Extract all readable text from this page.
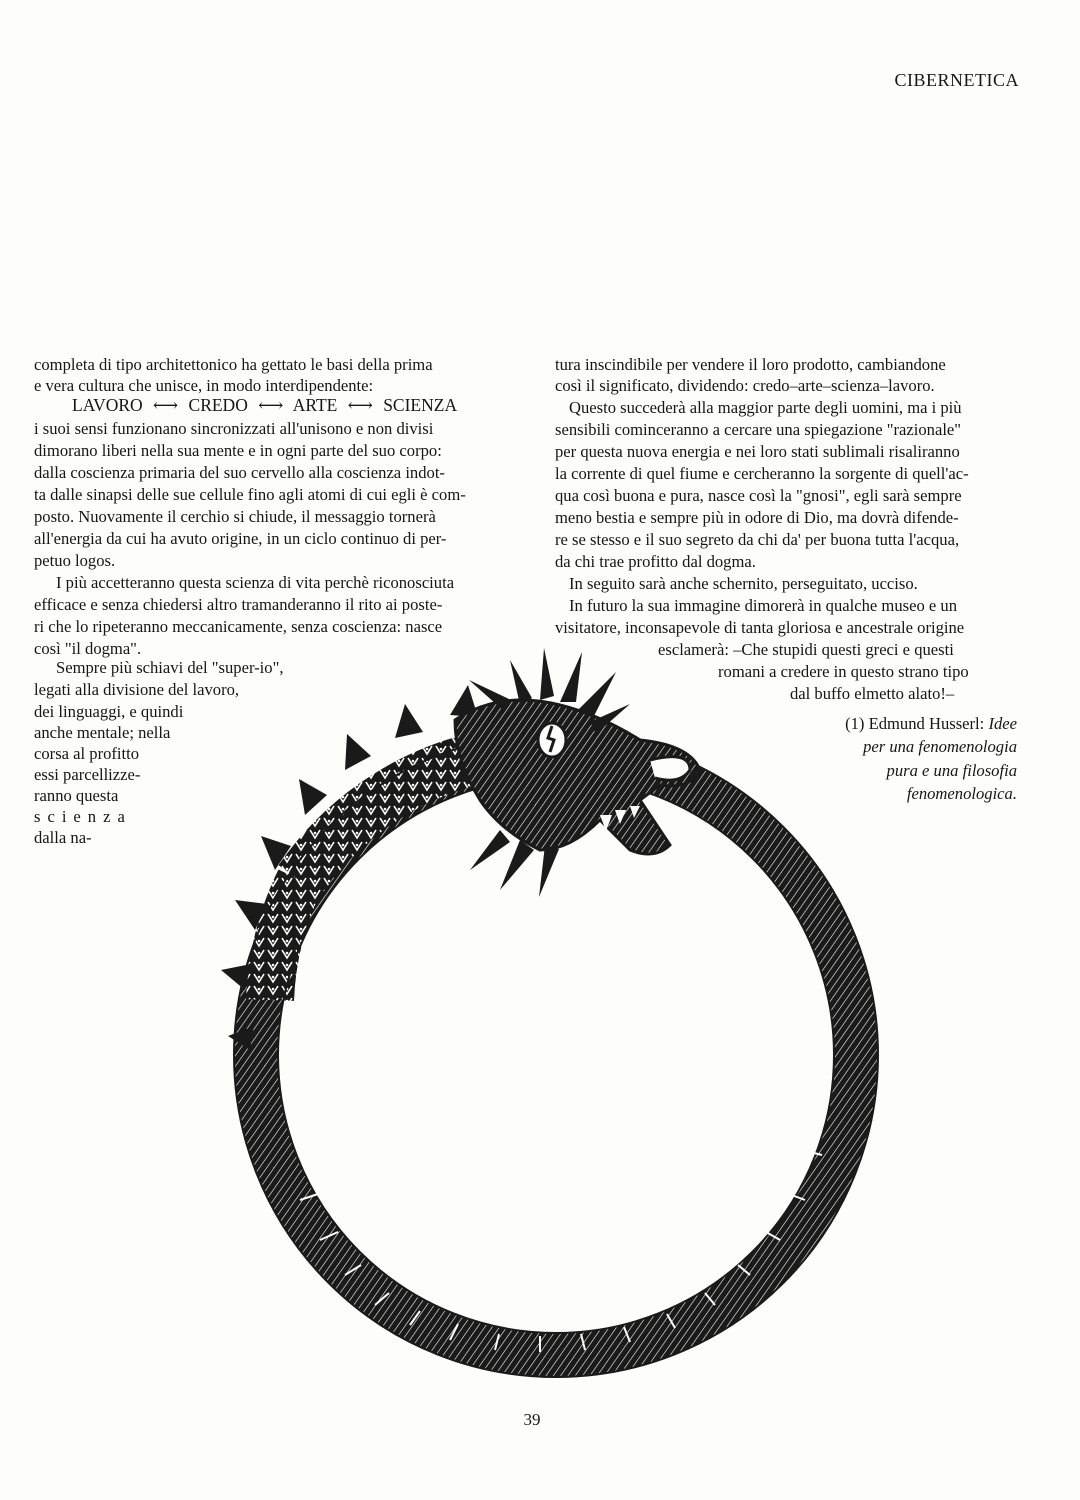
CIBERNETICA
completa di tipo architettonico ha gettato le basi della prima
e vera cultura che unisce, in modo interdipendente:
LAVORO ⟷ CREDO ⟷ ARTE ⟷ SCIENZA
i suoi sensi funzionano sincronizzati all'unisono e non divisi
dimorano liberi nella sua mente e in ogni parte del suo corpo:
dalla coscienza primaria del suo cervello alla coscienza indot-
ta dalle sinapsi delle sue cellule fino agli atomi di cui egli è com-
posto. Nuovamente il cerchio si chiude, il messaggio tornerà
all'energia da cui ha avuto origine, in un ciclo continuo di per-
petuo logos.
I più accetteranno questa scienza di vita perchè riconosciuta
efficace e senza chiedersi altro tramanderanno il rito ai poste-
ri che lo ripeteranno meccanicamente, senza coscienza: nasce
così "il dogma".
Sempre più schiavi del "super-io",
legati alla divisione del lavoro,
dei linguaggi, e quindi
anche mentale; nella
corsa al profitto
essi parcellizze-
ranno questa
scienza
dalla na-
tura inscindibile per vendere il loro prodotto, cambiandone
così il significato, dividendo: credo–arte–scienza–lavoro.
Questo succederà alla maggior parte degli uomini, ma i più
sensibili cominceranno a cercare una spiegazione "razionale"
per questa nuova energia e nei loro stati sublimali risaliranno
la corrente di quel fiume e cercheranno la sorgente di quell'ac-
qua così buona e pura, nasce così la "gnosi", egli sarà sempre
meno bestia e sempre più in odore di Dio, ma dovrà difende-
re se stesso e il suo segreto da chi da' per buona tutta l'acqua,
da chi trae profitto dal dogma.
In seguito sarà anche schernito, perseguitato, ucciso.
In futuro la sua immagine dimorerà in qualche museo e un
visitatore, inconsapevole di tanta gloriosa e ancestrale origine
esclamerà: –Che stupidi questi greci e questi
romani a credere in questo strano tipo
dal buffo elmetto alato!–
(1) Edmund Husserl: Idee
per una fenomenologia
pura e una filosofia
fenomenologica.
39
